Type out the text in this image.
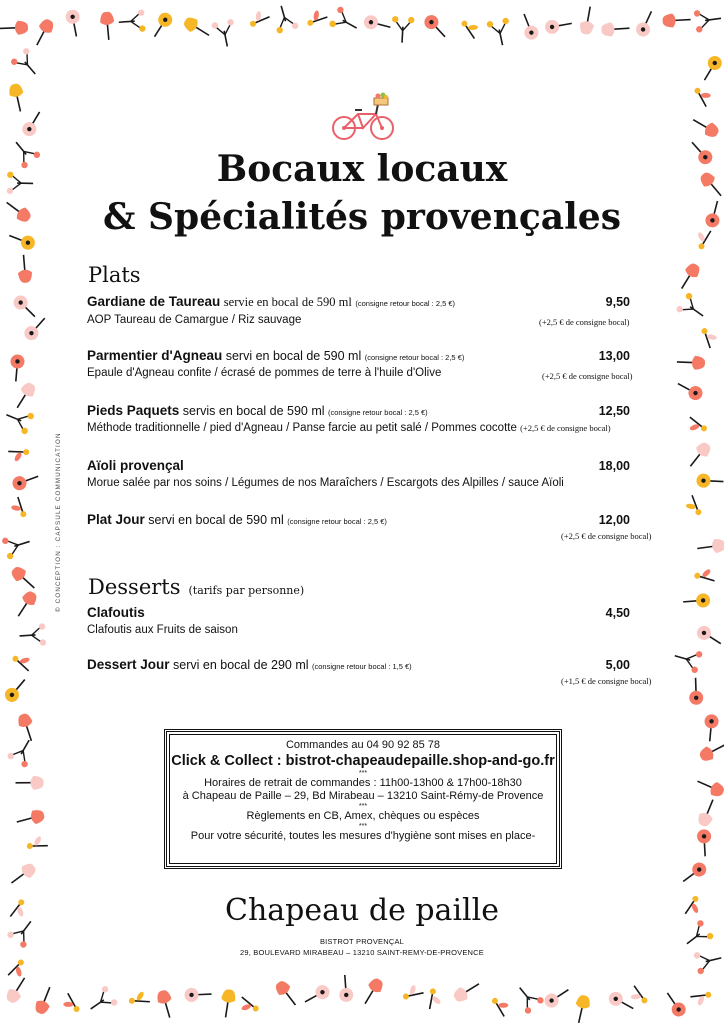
© CONCEPTION : CAPSULE COMMUNICATION
Bocaux locaux
& Spécialités provençales
Plats
Gardiane de Taureau servie en bocal de 590 ml (consigne retour bocal : 2,5 €)
AOP Taureau de Camargue / Riz sauvage
9,50
(+2,5 € de consigne bocal)
Parmentier d'Agneau servi en bocal de 590 ml (consigne retour bocal : 2,5 €)
Epaule d'Agneau confite / écrasé de pommes de terre à l'huile d'Olive
13,00
(+2,5 € de consigne bocal)
Pieds Paquets servis en bocal de 590 ml (consigne retour bocal : 2,5 €)
Méthode traditionnelle / pied d'Agneau / Panse farcie au petit salé / Pommes cocotte (+2,5 € de consigne bocal)
12,50
Aïoli provençal
Morue salée par nos soins / Légumes de nos Maraîchers / Escargots des Alpilles / sauce Aïoli
18,00
Plat Jour servi en bocal de 590 ml (consigne retour bocal : 2,5 €)	12,00
(+2,5 € de consigne bocal)
Desserts (tarifs par personne)
Clafoutis
Clafoutis aux Fruits de saison
4,50
Dessert Jour servi en bocal de 290 ml (consigne retour bocal : 1,5 €)	5,00
(+1,5 € de consigne bocal)
Commandes au 04 90 92 85 78
Click & Collect : bistrot-chapeaudepaille.shop-and-go.fr
***
Horaires de retrait de commandes : 11h00-13h00 & 17h00-18h30
à Chapeau de Paille – 29, Bd Mirabeau – 13210 Saint-Rémy-de Provence
***
Règlements en CB, Amex, chèques ou espèces
***
Pour votre sécurité, toutes les mesures d'hygiène sont mises en place-
Chapeau de paille
BISTROT PROVENÇAL
29, BOULEVARD MIRABEAU – 13210 SAINT-REMY-DE-PROVENCE
